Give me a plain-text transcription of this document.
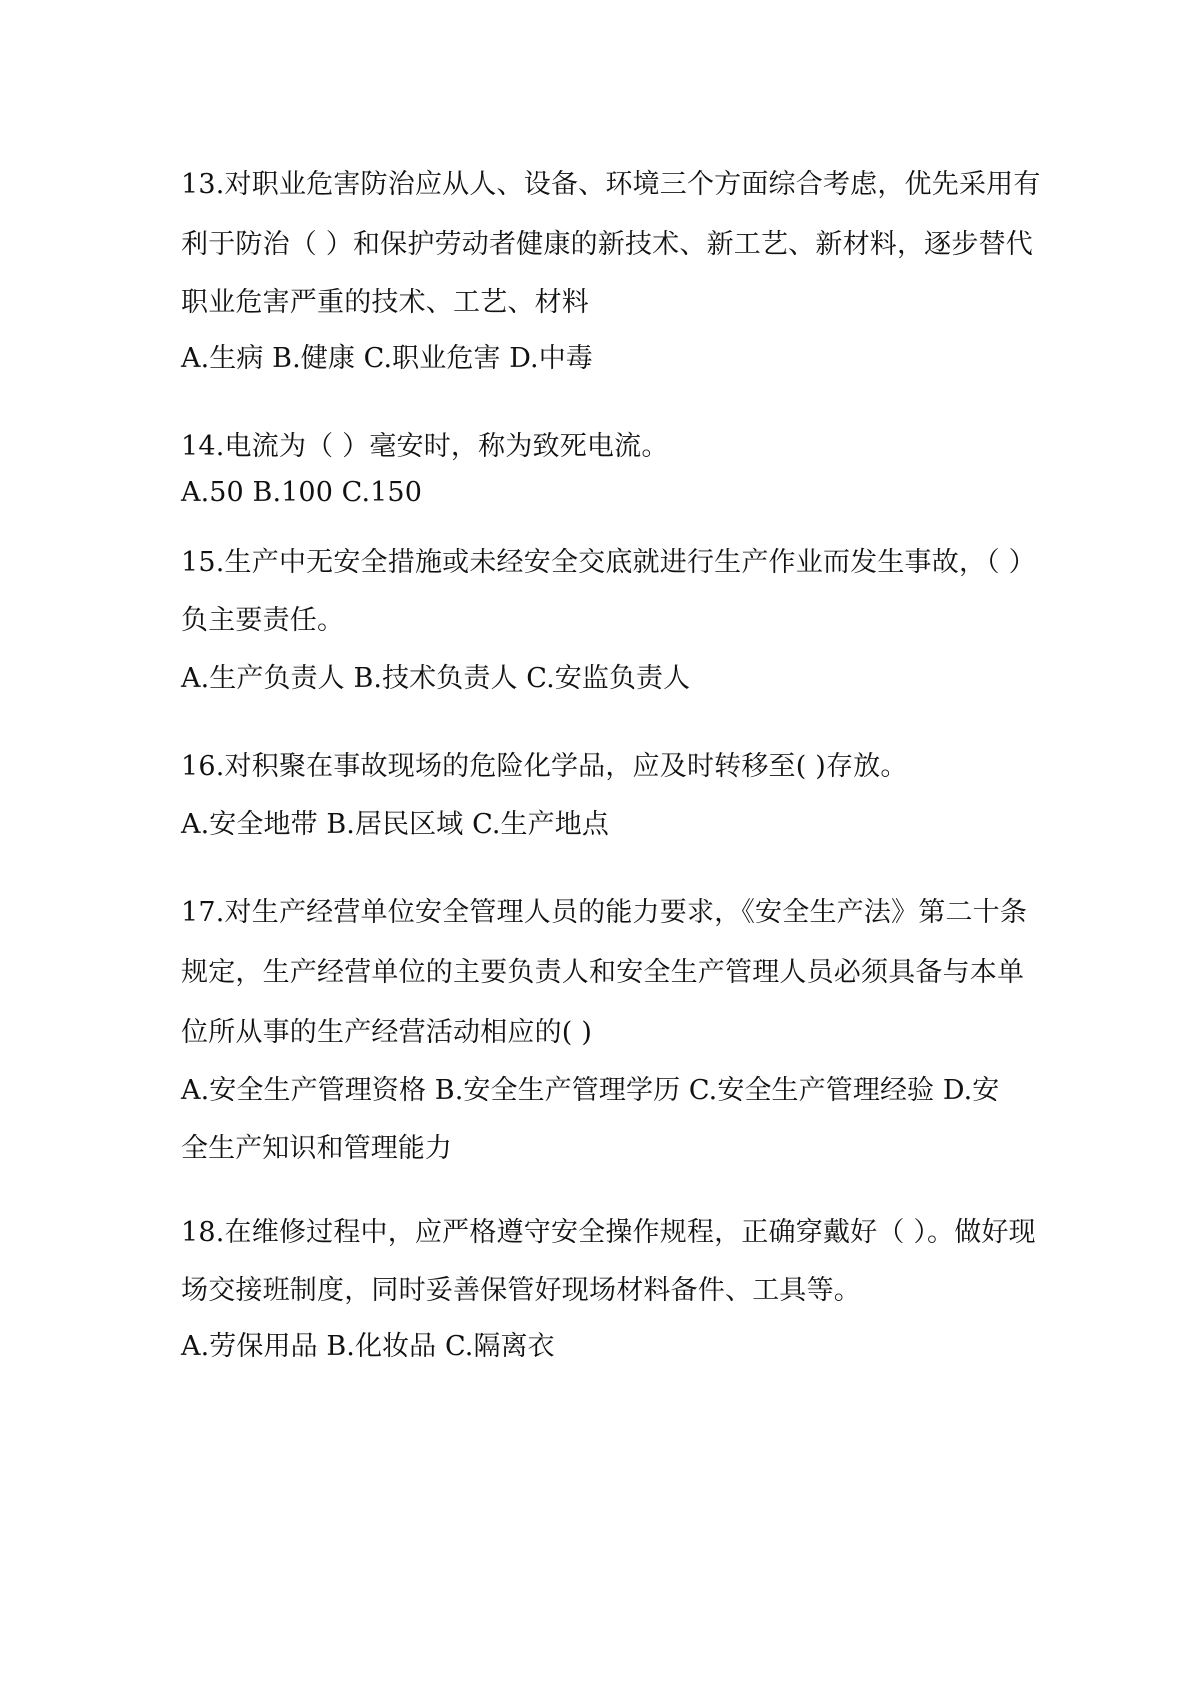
13.对职业危害防治应从人、设备、环境三个方面综合考虑，优先采用有
利于防治（ ）和保护劳动者健康的新技术、新工艺、新材料，逐步替代
职业危害严重的技术、工艺、材料
A.生病 B.健康 C.职业危害 D.中毒
14.电流为（ ）毫安时，称为致死电流。
A.50 B.100 C.150
15.生产中无安全措施或未经安全交底就进行生产作业而发生事故，（ ）
负主要责任。
A.生产负责人 B.技术负责人 C.安监负责人
16.对积聚在事故现场的危险化学品，应及时转移至( )存放。
A.安全地带 B.居民区域 C.生产地点
17.对生产经营单位安全管理人员的能力要求，《安全生产法》第二十条
规定，生产经营单位的主要负责人和安全生产管理人员必须具备与本单
位所从事的生产经营活动相应的( )
A.安全生产管理资格 B.安全生产管理学历 C.安全生产管理经验 D.安
全生产知识和管理能力
18.在维修过程中，应严格遵守安全操作规程，正确穿戴好（ ）。做好现
场交接班制度，同时妥善保管好现场材料备件、工具等。
A.劳保用品 B.化妆品 C.隔离衣
